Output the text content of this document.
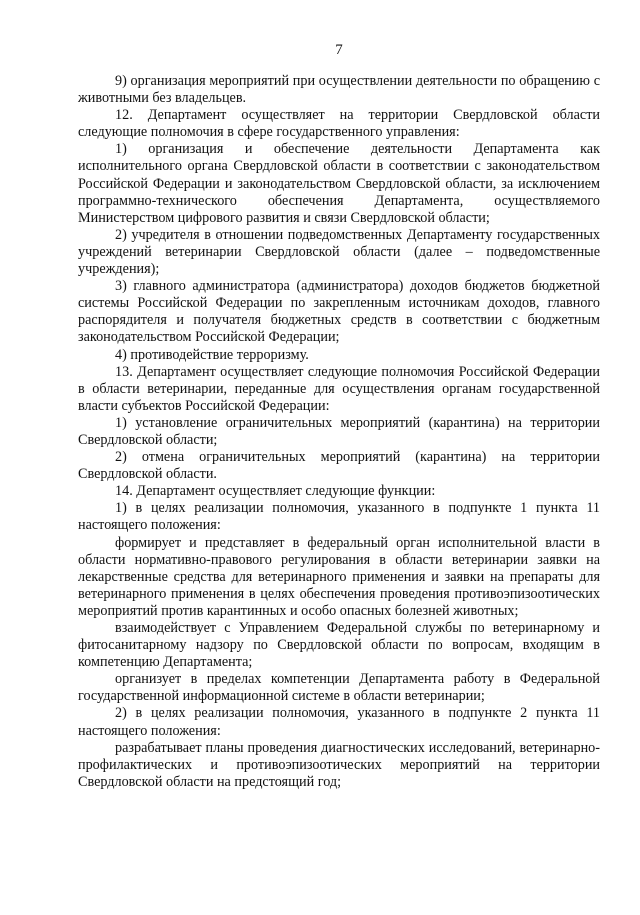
7

9) организация мероприятий при осуществлении деятельности по обращению с животными без владельцев.

12. Департамент осуществляет на территории Свердловской области следующие полномочия в сфере государственного управления:

1) организация и обеспечение деятельности Департамента как исполнительного органа Свердловской области в соответствии с законодательством Российской Федерации и законодательством Свердловской области, за исключением программно-технического обеспечения Департамента, осуществляемого Министерством цифрового развития и связи Свердловской области;

2) учредителя в отношении подведомственных Департаменту государственных учреждений ветеринарии Свердловской области (далее – подведомственные учреждения);

3) главного администратора (администратора) доходов бюджетов бюджетной системы Российской Федерации по закрепленным источникам доходов, главного распорядителя и получателя бюджетных средств в соответствии с бюджетным законодательством Российской Федерации;

4) противодействие терроризму.

13. Департамент осуществляет следующие полномочия Российской Федерации в области ветеринарии, переданные для осуществления органам государственной власти субъектов Российской Федерации:

1) установление ограничительных мероприятий (карантина) на территории Свердловской области;

2) отмена ограничительных мероприятий (карантина) на территории Свердловской области.

14. Департамент осуществляет следующие функции:

1) в целях реализации полномочия, указанного в подпункте 1 пункта 11 настоящего положения:

формирует и представляет в федеральный орган исполнительной власти в области нормативно-правового регулирования в области ветеринарии заявки на лекарственные средства для ветеринарного применения и заявки на препараты для ветеринарного применения в целях обеспечения проведения противоэпизоотических мероприятий против карантинных и особо опасных болезней животных;

взаимодействует с Управлением Федеральной службы по ветеринарному и фитосанитарному надзору по Свердловской области по вопросам, входящим в компетенцию Департамента;

организует в пределах компетенции Департамента работу в Федеральной государственной информационной системе в области ветеринарии;

2) в целях реализации полномочия, указанного в подпункте 2 пункта 11 настоящего положения:

разрабатывает планы проведения диагностических исследований, ветеринарно-профилактических и противоэпизоотических мероприятий на территории Свердловской области на предстоящий год;
